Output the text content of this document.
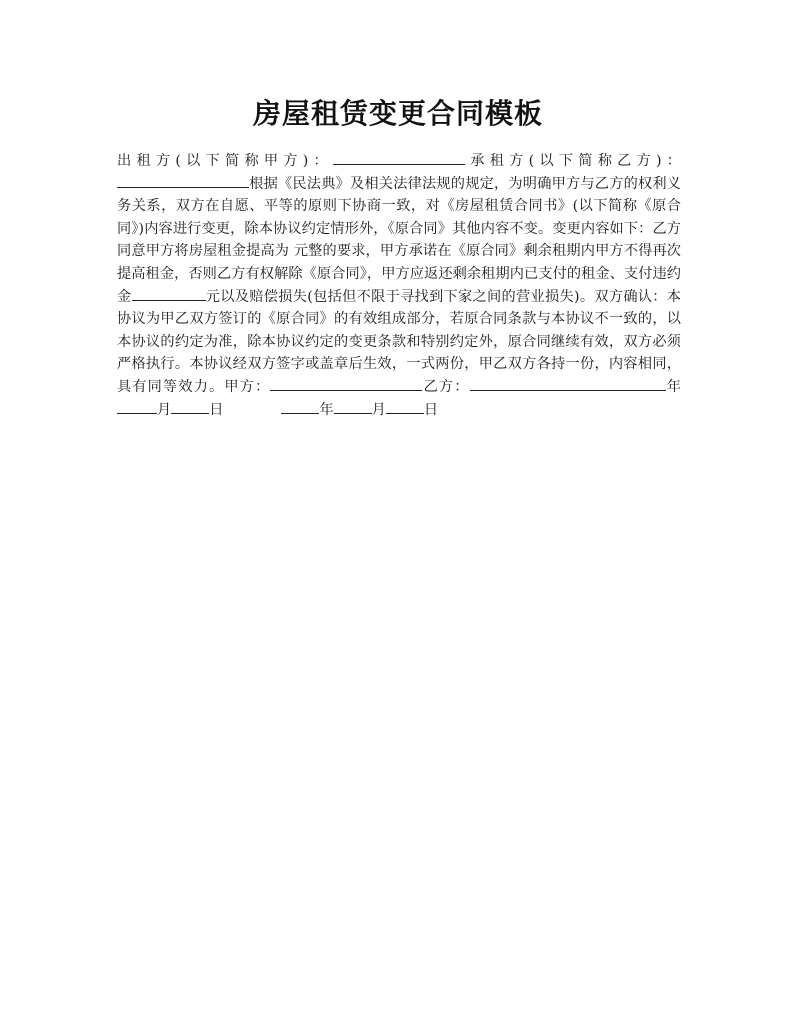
房屋租赁变更合同模板
出租方(以下简称甲方)：	承租方(以下简称乙方)：根据《民法典》及相关法律法规的规定，为明确甲方与乙方的权利义务关系，双方在自愿、平等的原则下协商一致，对《房屋租赁合同书》(以下简称《原合同》)内容进行变更，除本协议约定情形外，《原合同》其他内容不变。变更内容如下：乙方同意甲方将房屋租金提高为 元整的要求，甲方承诺在《原合同》剩余租期内甲方不得再次提高租金，否则乙方有权解除《原合同》，甲方应返还剩余租期内已支付的租金、支付违约金	元以及赔偿损失(包括但不限于寻找到下家之间的营业损失)。双方确认：本协议为甲乙双方签订的《原合同》的有效组成部分，若原合同条款与本协议不一致的，以本协议的约定为准，除本协议约定的变更条款和特别约定外，原合同继续有效，双方必须严格执行。本协议经双方签字或盖章后生效，一式两份，甲乙双方各持一份，内容相同，具有同等效力。甲方：	乙方：	年月	日	年	月	日
